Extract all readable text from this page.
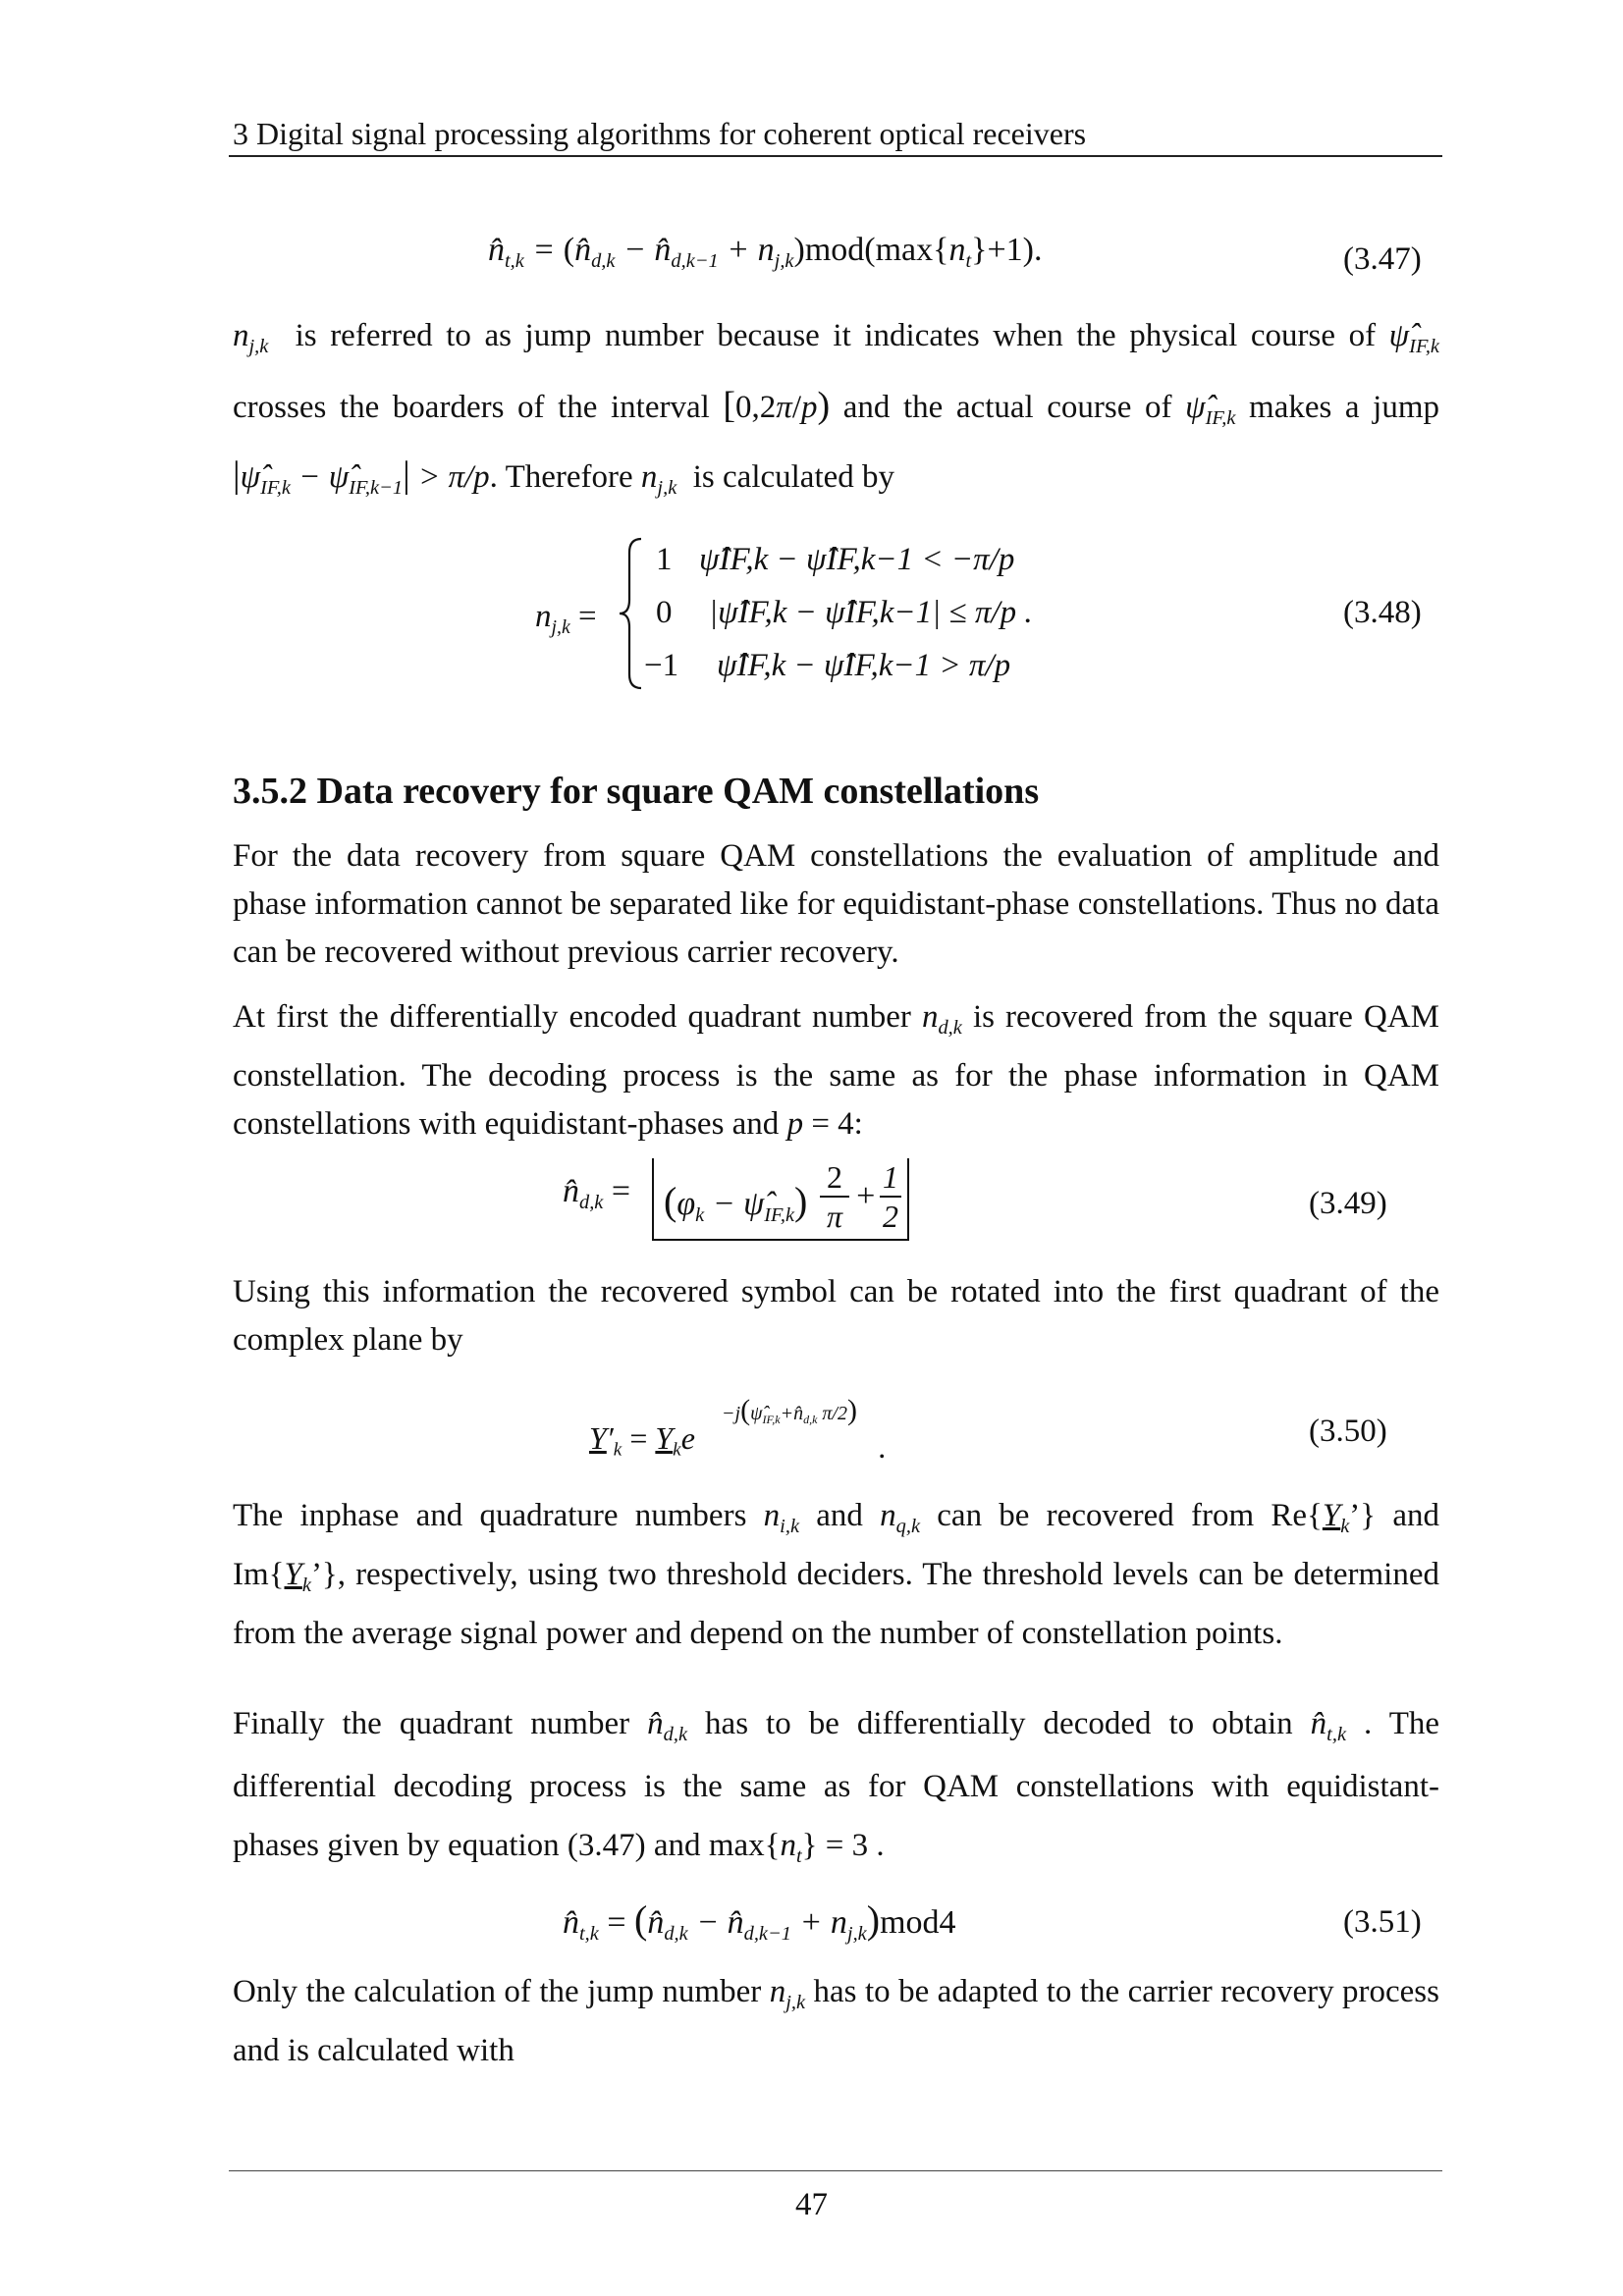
3 Digital signal processing algorithms for coherent optical receivers
$n̂_{t,k}$ = ($n̂_{d,k}$ − $n̂_{d,k-1} + n_{j,k})mod(\max\{n_t\}+1)$.	(3.47)
$n_{j,k}$ is referred to as jump number because it indicates when the physical course of $\psî_{IF,k}$
crosses the boarders of the interval [0,2π/p) and the actual course of $\psî_{IF,k}$ makes a jump
$|\psî_{IF,k}$ − $\psî_{IF,k-1}| > \pi/p$. Therefore $n_{j,k}$ is calculated by
$n_{j,k}$ =
1 ψ̂IF,k − ψ̂IF,k−1 < −π/p
0 |ψ̂IF,k − ψ̂IF,k−1| ≤ π/p .
−1 ψ̂IF,k − ψ̂IF,k−1 > π/p
(3.48)
3.5.2 Data recovery for square QAM constellations
For the data recovery from square QAM constellations the evaluation of amplitude and phase information cannot be separated like for equidistant-phase constellations. Thus no data can be recovered without previous carrier recovery.
At first the differentially encoded quadrant number $n_{d,k}$ is recovered from the square QAM constellation. The decoding process is the same as for the phase information in QAM constellations with equidistant-phases and p = 4:
$n̂_{d,k} = (\varphi_k$ − $\psî_{IF,k}$)
2
π
+
1
2	(3.49)
Using this information the recovered symbol can be rotated into the first quadrant of the complex plane by
$Y'_k = Y_ke$
$-j(\psî_{IF,k}+n̂_{d,k}$ π/2)
.	(3.50)
The inphase and quadrature numbers $n_{i,k}$ and $n_{q,k}$ can be recovered from $Re\{Y_k’\}$ and $Im\{Y_k’\}$, respectively, using two threshold deciders. The threshold levels can be determined from the average signal power and depend on the number of constellation points.
Finally the quadrant number $n̂_{d,k}$ has to be differentially decoded to obtain $n̂_{t,k}$ . The
differential decoding process is the same as for QAM constellations with equidistant-
phases given by equation (3.47) and $\max\{n_t\} = 3$ .
$n̂_{t,k}$ = ($n̂_{d,k}$ − $n̂_{d,k-1} + n_{j,k})mod4$	(3.51)
Only the calculation of the jump number $n_{j,k}$ has to be adapted to the carrier recovery process and is calculated with
47
